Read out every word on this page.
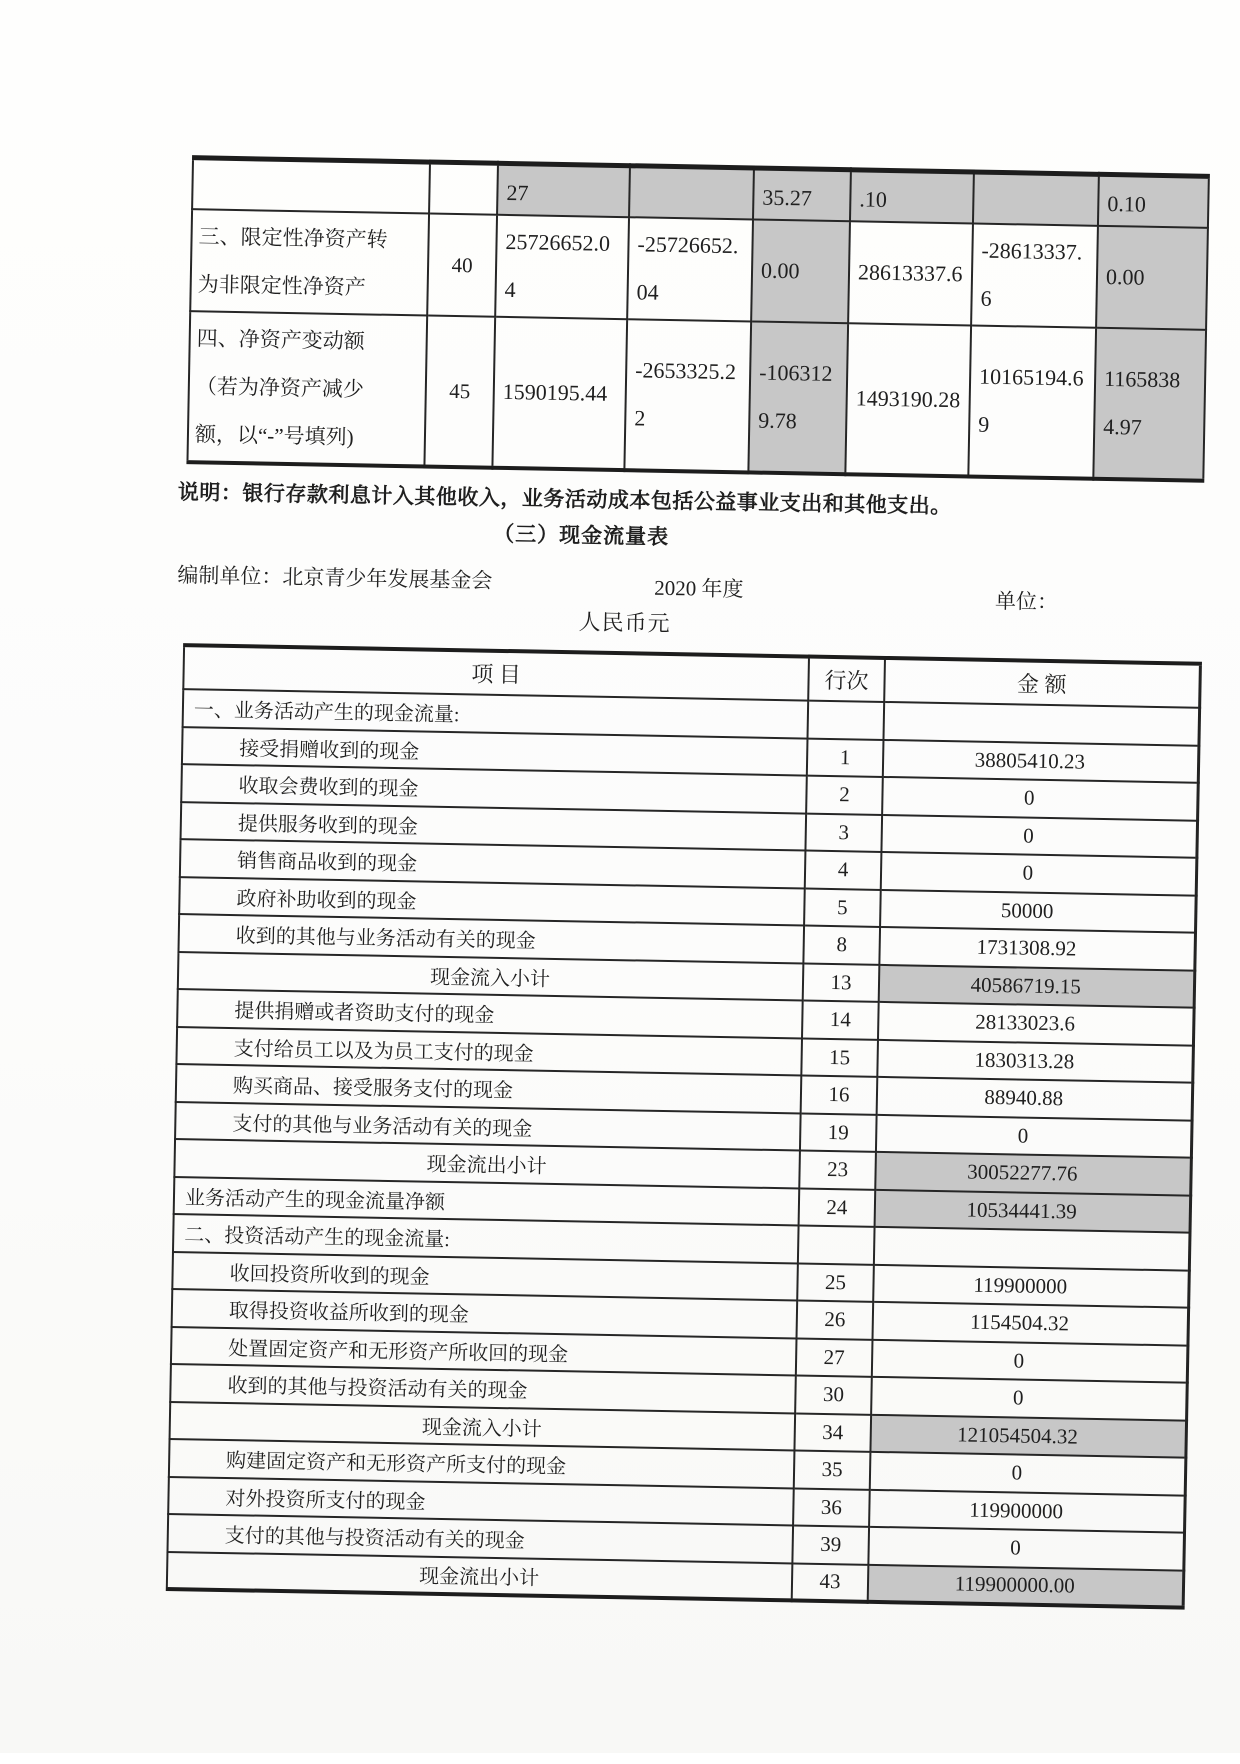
		27		35.27	.10		0.10
三、限定性净资产转
为非限定性净资产	40	25726652.04	-25726652.04	0.00	28613337.6	-28613337.6	0.00
四、净资产变动额
（若为净资产减少
额，以“-”号填列)	45	1590195.44	-2653325.22	-1063129.78	1493190.28	10165194.69	11658384.97
说明：银行存款利息计入其他收入，业务活动成本包括公益事业支出和其他支出。
（三）现金流量表
编制单位：北京青少年发展基金会	2020 年度
单位：
人民币元
项 目	行次	金 额
一、业务活动产生的现金流量:		
接受捐赠收到的现金	1	38805410.23
收取会费收到的现金	2	0
提供服务收到的现金	3	0
销售商品收到的现金	4	0
政府补助收到的现金	5	50000
收到的其他与业务活动有关的现金	8	1731308.92
现金流入小计	13	40586719.15
提供捐赠或者资助支付的现金	14	28133023.6
支付给员工以及为员工支付的现金	15	1830313.28
购买商品、接受服务支付的现金	16	88940.88
支付的其他与业务活动有关的现金	19	0
现金流出小计	23	30052277.76
业务活动产生的现金流量净额	24	10534441.39
二、投资活动产生的现金流量:		
收回投资所收到的现金	25	119900000
取得投资收益所收到的现金	26	1154504.32
处置固定资产和无形资产所收回的现金	27	0
收到的其他与投资活动有关的现金	30	0
现金流入小计	34	121054504.32
购建固定资产和无形资产所支付的现金	35	0
对外投资所支付的现金	36	119900000
支付的其他与投资活动有关的现金	39	0
现金流出小计	43	119900000.00
